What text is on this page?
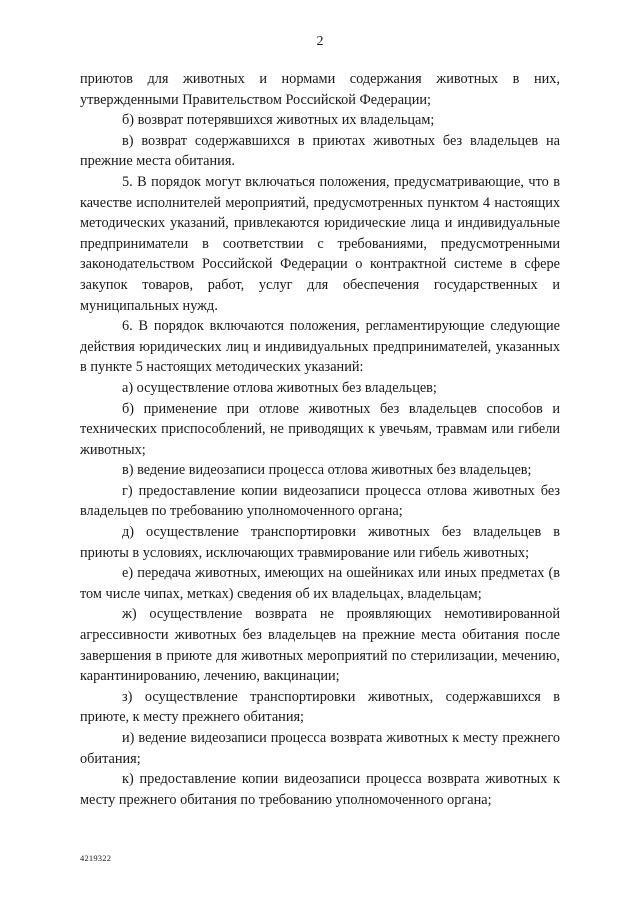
2

приютов для животных и нормами содержания животных в них, утвержденными Правительством Российской Федерации;

б) возврат потерявшихся животных их владельцам;

в) возврат содержавшихся в приютах животных без владельцев на прежние места обитания.

5. В порядок могут включаться положения, предусматривающие, что в качестве исполнителей мероприятий, предусмотренных пунктом 4 настоящих методических указаний, привлекаются юридические лица и индивидуальные предприниматели в соответствии с требованиями, предусмотренными законодательством Российской Федерации о контрактной системе в сфере закупок товаров, работ, услуг для обеспечения государственных и муниципальных нужд.

6. В порядок включаются положения, регламентирующие следующие действия юридических лиц и индивидуальных предпринимателей, указанных в пункте 5 настоящих методических указаний:

а) осуществление отлова животных без владельцев;

б) применение при отлове животных без владельцев способов и технических приспособлений, не приводящих к увечьям, травмам или гибели животных;

в) ведение видеозаписи процесса отлова животных без владельцев;

г) предоставление копии видеозаписи процесса отлова животных без владельцев по требованию уполномоченного органа;

д) осуществление транспортировки животных без владельцев в приюты в условиях, исключающих травмирование или гибель животных;

е) передача животных, имеющих на ошейниках или иных предметах (в том числе чипах, метках) сведения об их владельцах, владельцам;

ж) осуществление возврата не проявляющих немотивированной агрессивности животных без владельцев на прежние места обитания после завершения в приюте для животных мероприятий по стерилизации, мечению, карантинированию, лечению, вакцинации;

з) осуществление транспортировки животных, содержавшихся в приюте, к месту прежнего обитания;

и) ведение видеозаписи процесса возврата животных к месту прежнего обитания;

к) предоставление копии видеозаписи процесса возврата животных к месту прежнего обитания по требованию уполномоченного органа;

4219322
